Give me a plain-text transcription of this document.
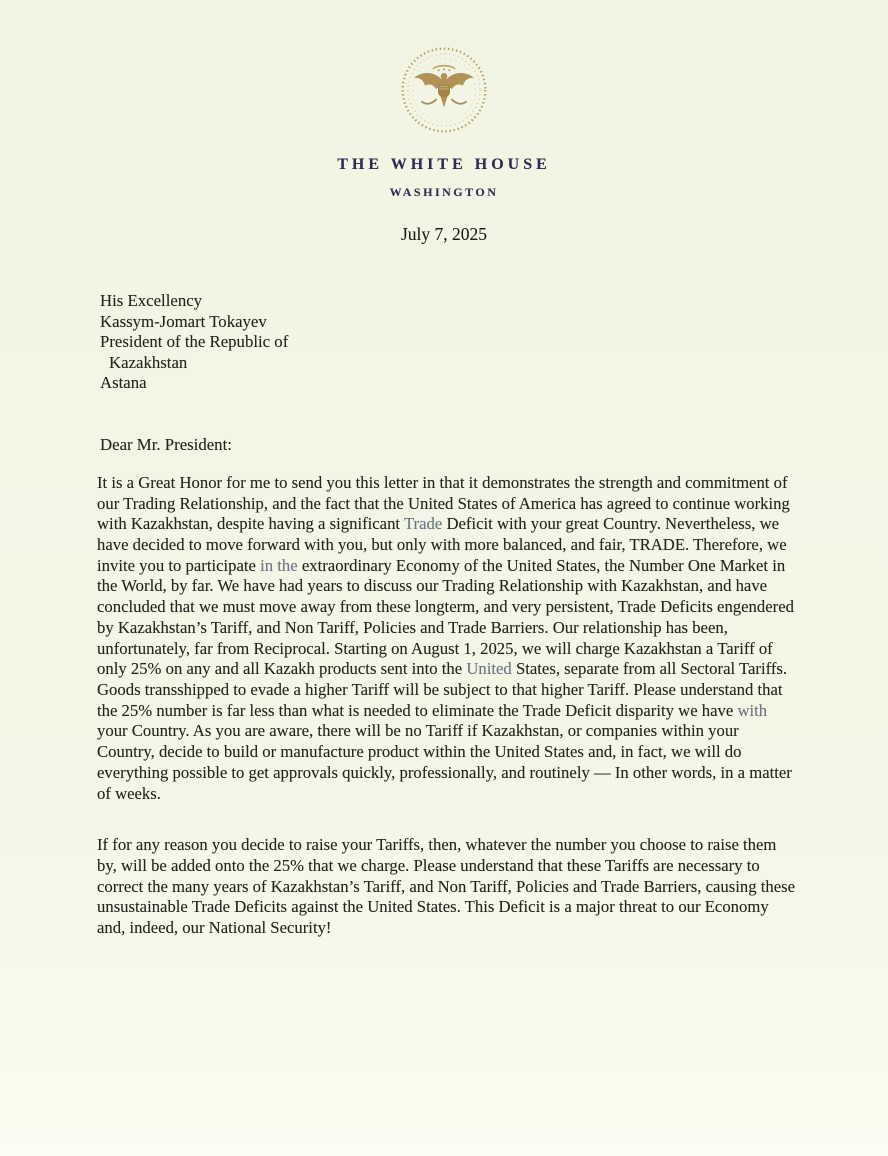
THE WHITE HOUSE
WASHINGTON
July 7, 2025
His Excellency
Kassym-Jomart Tokayev
President of the Republic of
Kazakhstan
Astana

Dear Mr. President:

It is a Great Honor for me to send you this letter in that it demonstrates the strength and commitment of our Trading Relationship, and the fact that the United States of America has agreed to continue working with Kazakhstan, despite having a significant Trade Deficit with your great Country. Nevertheless, we have decided to move forward with you, but only with more balanced, and fair, TRADE. Therefore, we invite you to participate in the extraordinary Economy of the United States, the Number One Market in the World, by far. We have had years to discuss our Trading Relationship with Kazakhstan, and have concluded that we must move away from these longterm, and very persistent, Trade Deficits engendered by Kazakhstan’s Tariff, and Non Tariff, Policies and Trade Barriers. Our relationship has been, unfortunately, far from Reciprocal. Starting on August 1, 2025, we will charge Kazakhstan a Tariff of only 25% on any and all Kazakh products sent into the United States, separate from all Sectoral Tariffs. Goods transshipped to evade a higher Tariff will be subject to that higher Tariff. Please understand that the 25% number is far less than what is needed to eliminate the Trade Deficit disparity we have with your Country. As you are aware, there will be no Tariff if Kazakhstan, or companies within your Country, decide to build or manufacture product within the United States and, in fact, we will do everything possible to get approvals quickly, professionally, and routinely — In other words, in a matter of weeks.

If for any reason you decide to raise your Tariffs, then, whatever the number you choose to raise them by, will be added onto the 25% that we charge. Please understand that these Tariffs are necessary to correct the many years of Kazakhstan’s Tariff, and Non Tariff, Policies and Trade Barriers, causing these unsustainable Trade Deficits against the United States. This Deficit is a major threat to our Economy and, indeed, our National Security!
